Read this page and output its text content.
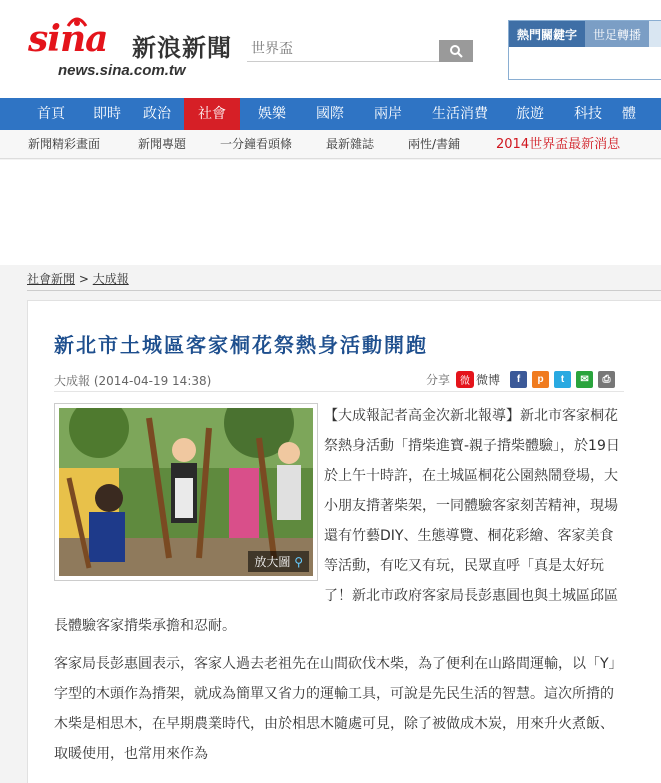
sina 新浪新聞
news.sina.com.tw
世界盃
熱門關鍵字	世足轉播
首頁	即時 政治	社會	娛樂	國際	兩岸	生活消費	旅遊	科技	體
新聞精彩畫面	新聞專題	一分鐘看頭條	最新雜誌	兩性/書鋪	2014世界盃最新消息
社會新聞 > 大成報
新北市土城區客家桐花祭熱身活動開跑
大成報 (2014-04-19 14:38)	分享	微 微博	f	p	t	✉	⎙

【大成報記者高金次新北報導】新北市客家桐花祭熱身活動「揹柴進寶-親子揹柴體驗」，於19日於上午十時許，在土城區桐花公園熱鬧登場，大小朋友揹著柴架，一同體驗客家刻苦精神，現場還有竹藝DIY、生態導覽、桐花彩繪、客家美食等活動，有吃又有玩，民眾直呼「真是太好玩了！新北市政府客家局長彭惠圓也與土城區邱區長體驗客家揹柴承擔和忍耐。

客家局長彭惠圓表示，客家人過去老祖先在山間砍伐木柴，為了便利在山路間運輸，以「Y」字型的木頭作為揹架，就成為簡單又省力的運輸工具，可說是先民生活的智慧。這次所揹的木柴是相思木，在早期農業時代，由於相思木隨處可見，除了被做成木炭，用來升火煮飯、取暖使用，也常用來作為

放大圖 ⚲
